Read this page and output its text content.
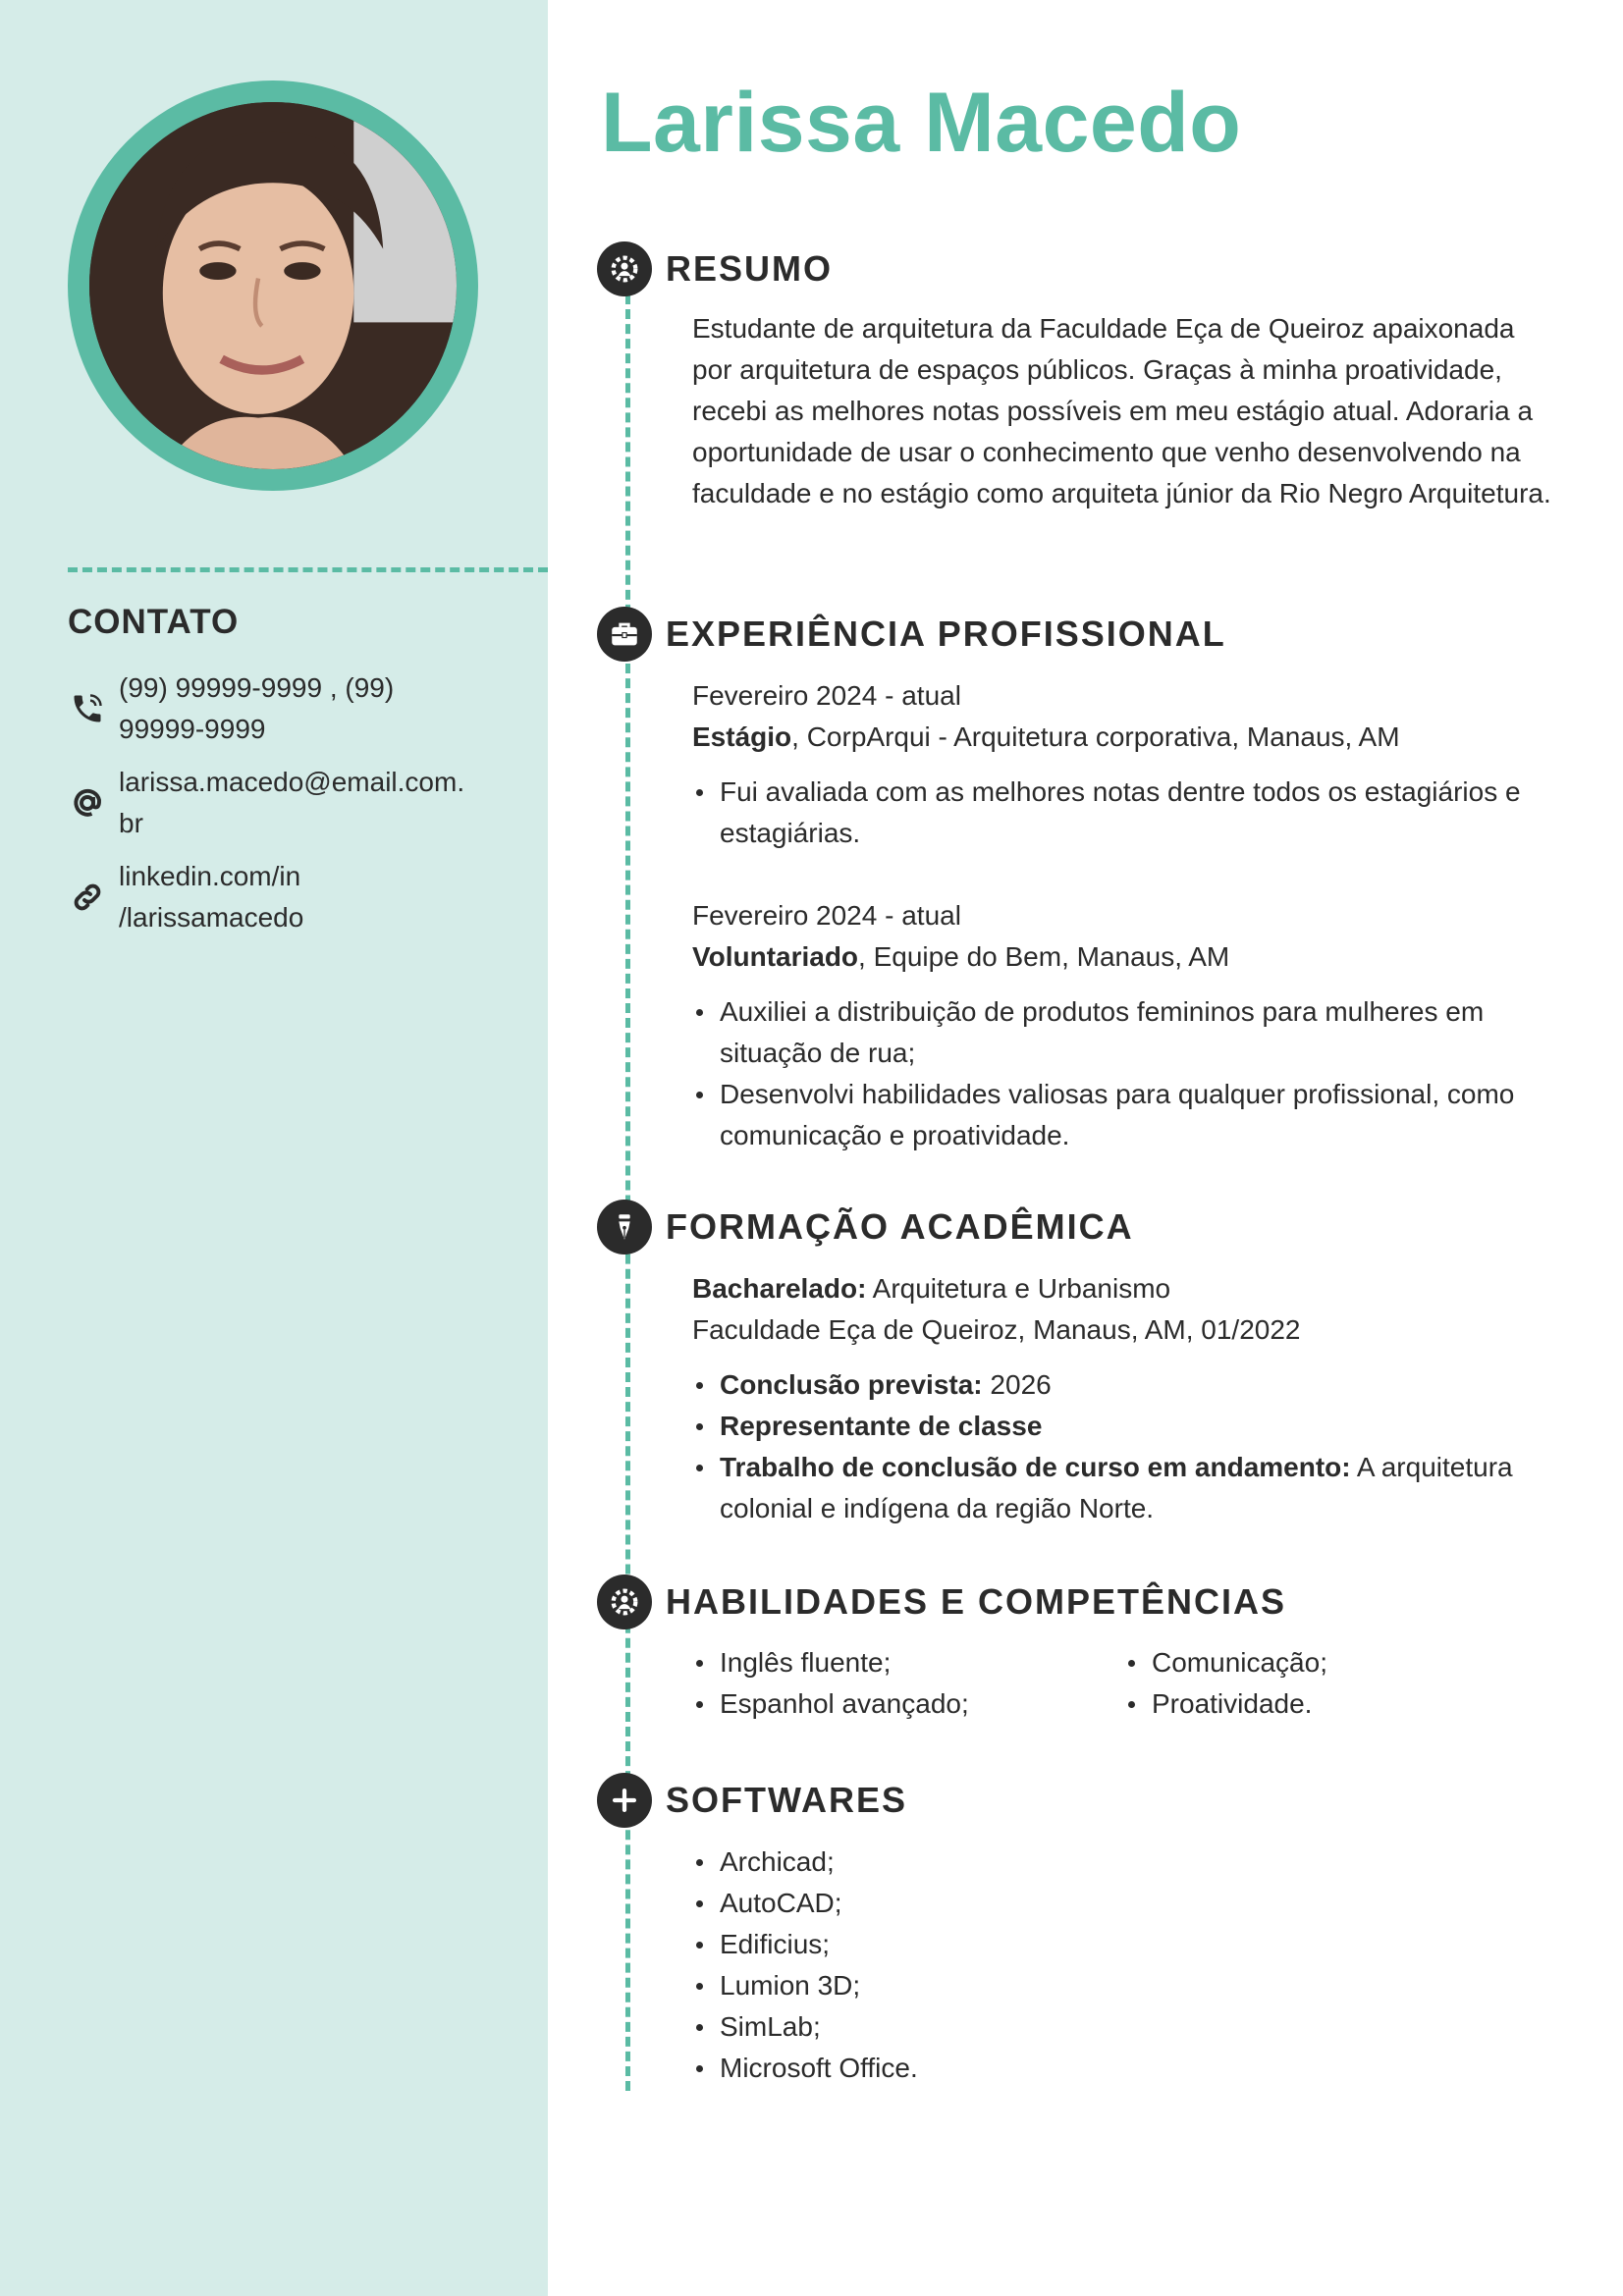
CONTATO
(99) 99999-9999 , (99)
99999-9999
larissa.macedo@email.com.
br
linkedin.com/in
/larissamacedo
Larissa Macedo
RESUMO

Estudante de arquitetura da Faculdade Eça de Queiroz apaixonada por arquitetura de espaços públicos. Graças à minha proatividade, recebi as melhores notas possíveis em meu estágio atual. Adoraria a oportunidade de usar o conhecimento que venho desenvolvendo na faculdade e no estágio como arquiteta júnior da Rio Negro Arquitetura.

EXPERIÊNCIA PROFISSIONAL

Fevereiro 2024 - atual

Estágio, CorpArqui - Arquitetura corporativa, Manaus, AM

Fui avaliada com as melhores notas dentre todos os estagiários e estagiárias.

Fevereiro 2024 - atual

Voluntariado, Equipe do Bem, Manaus, AM

Auxiliei a distribuição de produtos femininos para mulheres em situação de rua;
Desenvolvi habilidades valiosas para qualquer profissional, como comunicação e proatividade.
FORMAÇÃO ACADÊMICA

Bacharelado: Arquitetura e Urbanismo

Faculdade Eça de Queiroz, Manaus, AM, 01/2022

Conclusão prevista: 2026
Representante de classe
Trabalho de conclusão de curso em andamento: A arquitetura colonial e indígena da região Norte.
HABILIDADES E COMPETÊNCIAS
Inglês fluente;
Espanhol avançado;
Comunicação;
Proatividade.
SOFTWARES
Archicad;
AutoCAD;
Edificius;
Lumion 3D;
SimLab;
Microsoft Office.
